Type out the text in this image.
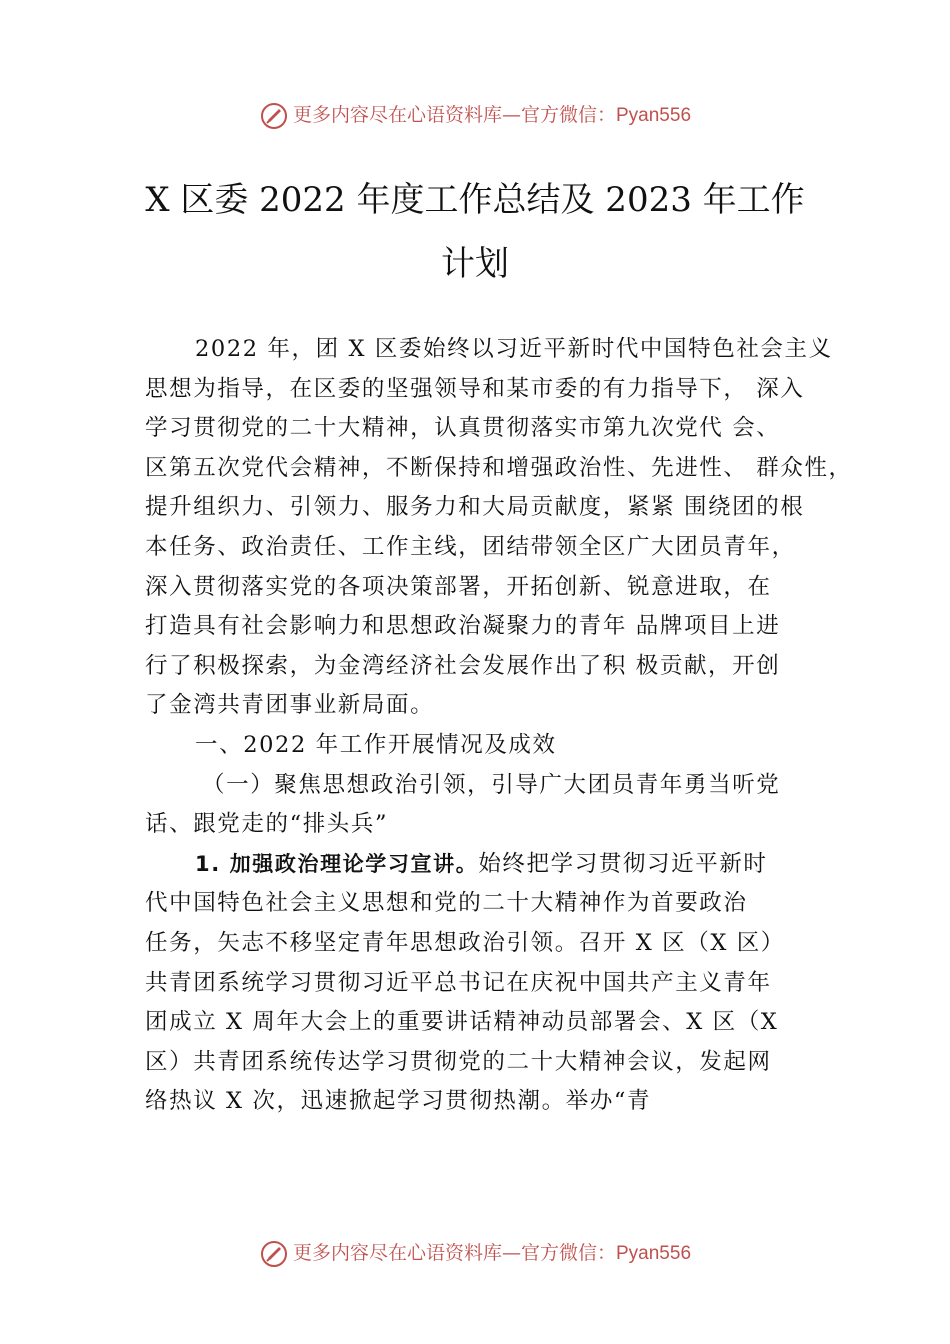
更多内容尽在心语资料库—官方微信：Pyan556
X 区委 2022 年度工作总结及 2023 年工作
计划
2022 年，团 X 区委始终以习近平新时代中国特色社会主义
思想为指导，在区委的坚强领导和某市委的有力指导下， 深入
学习贯彻党的二十大精神，认真贯彻落实市第九次党代 会、
区第五次党代会精神，不断保持和增强政治性、先进性、 群众性，
提升组织力、引领力、服务力和大局贡献度，紧紧 围绕团的根
本任务、政治责任、工作主线，团结带领全区广大团员青年，
深入贯彻落实党的各项决策部署，开拓创新、锐意进取，在
打造具有社会影响力和思想政治凝聚力的青年 品牌项目上进
行了积极探索，为金湾经济社会发展作出了积 极贡献，开创
了金湾共青团事业新局面。
一、2022 年工作开展情况及成效
（一）聚焦思想政治引领，引导广大团员青年勇当听党
话、跟党走的“排头兵”
1. 加强政治理论学习宣讲。始终把学习贯彻习近平新时
代中国特色社会主义思想和党的二十大精神作为首要政治
任务，矢志不移坚定青年思想政治引领。召开 X 区（X 区）
共青团系统学习贯彻习近平总书记在庆祝中国共产主义青年
团成立 X 周年大会上的重要讲话精神动员部署会、X 区（X
区）共青团系统传达学习贯彻党的二十大精神会议，发起网
络热议 X 次，迅速掀起学习贯彻热潮。举办“青
更多内容尽在心语资料库—官方微信：Pyan556
